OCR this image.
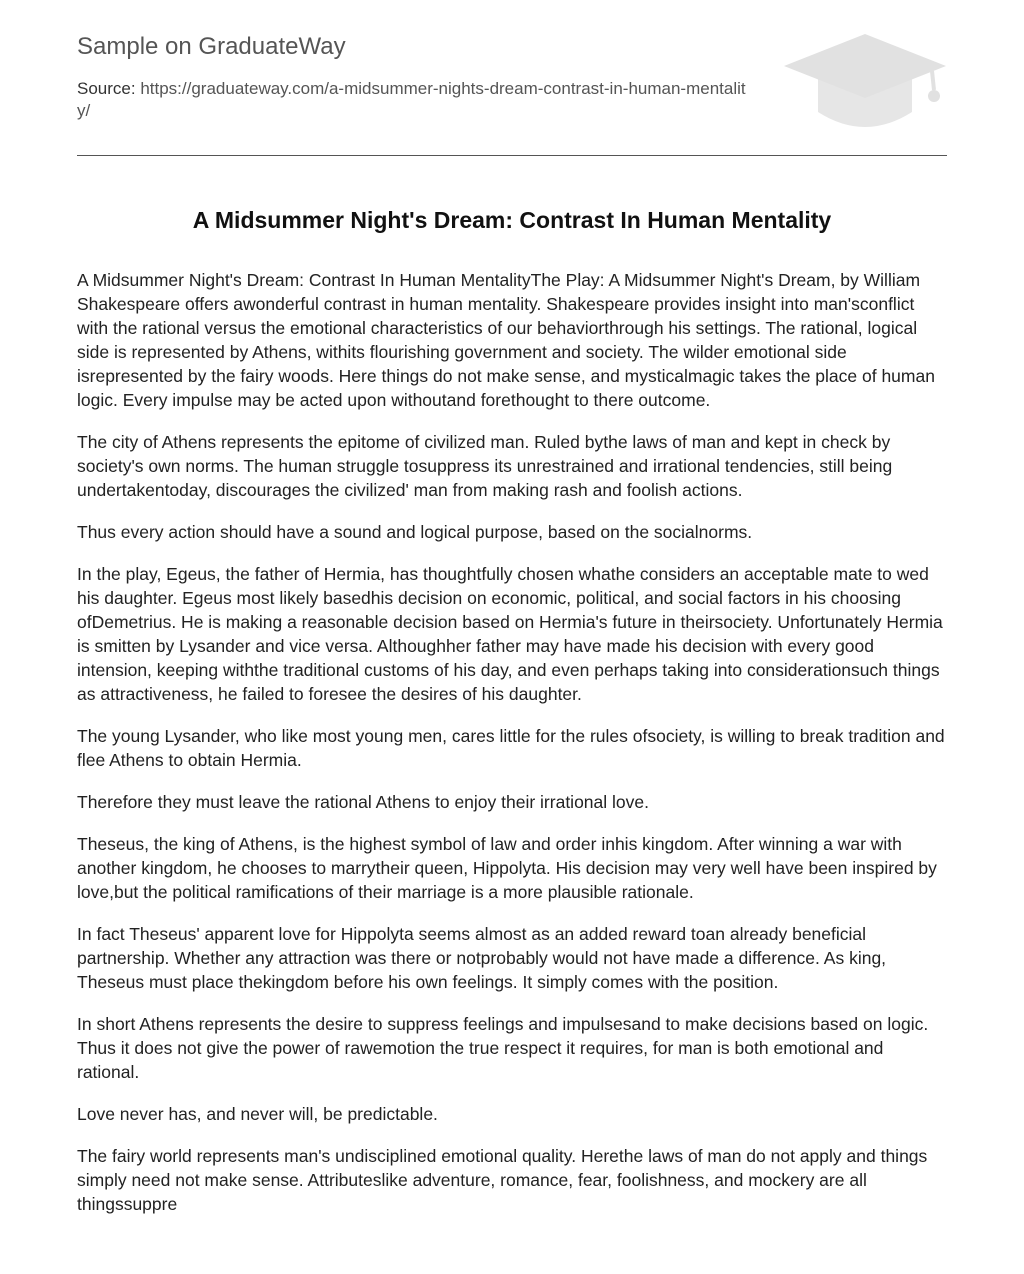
Sample on GraduateWay
Source: https://graduateway.com/a-midsummer-nights-dream-contrast-in-human-mentality/
A Midsummer Night's Dream: Contrast In Human Mentality

A Midsummer Night's Dream: Contrast In Human MentalityThe Play: A Midsummer Night's Dream, by William Shakespeare offers awonderful contrast in human mentality. Shakespeare provides insight into man'sconflict with the rational versus the emotional characteristics of our behaviorthrough his settings. The rational, logical side is represented by Athens, withits flourishing government and society. The wilder emotional side isrepresented by the fairy woods. Here things do not make sense, and mysticalmagic takes the place of human logic. Every impulse may be acted upon withoutand forethought to there outcome.

The city of Athens represents the epitome of civilized man. Ruled bythe laws of man and kept in check by society's own norms. The human struggle tosuppress its unrestrained and irrational tendencies, still being undertakentoday, discourages the civilized' man from making rash and foolish actions.

Thus every action should have a sound and logical purpose, based on the socialnorms.

In the play, Egeus, the father of Hermia, has thoughtfully chosen whathe considers an acceptable mate to wed his daughter. Egeus most likely basedhis decision on economic, political, and social factors in his choosing ofDemetrius. He is making a reasonable decision based on Hermia's future in theirsociety. Unfortunately Hermia is smitten by Lysander and vice versa. Althoughher father may have made his decision with every good intension, keeping withthe traditional customs of his day, and even perhaps taking into considerationsuch things as attractiveness, he failed to foresee the desires of his daughter.

The young Lysander, who like most young men, cares little for the rules ofsociety, is willing to break tradition and flee Athens to obtain Hermia.

Therefore they must leave the rational Athens to enjoy their irrational love.

Theseus, the king of Athens, is the highest symbol of law and order inhis kingdom. After winning a war with another kingdom, he chooses to marrytheir queen, Hippolyta. His decision may very well have been inspired by love,but the political ramifications of their marriage is a more plausible rationale.

In fact Theseus' apparent love for Hippolyta seems almost as an added reward toan already beneficial partnership. Whether any attraction was there or notprobably would not have made a difference. As king, Theseus must place thekingdom before his own feelings. It simply comes with the position.

In short Athens represents the desire to suppress feelings and impulsesand to make decisions based on logic. Thus it does not give the power of rawemotion the true respect it requires, for man is both emotional and rational.

Love never has, and never will, be predictable.

The fairy world represents man's undisciplined emotional quality. Herethe laws of man do not apply and things simply need not make sense. Attributeslike adventure, romance, fear, foolishness, and mockery are all thingssuppre
